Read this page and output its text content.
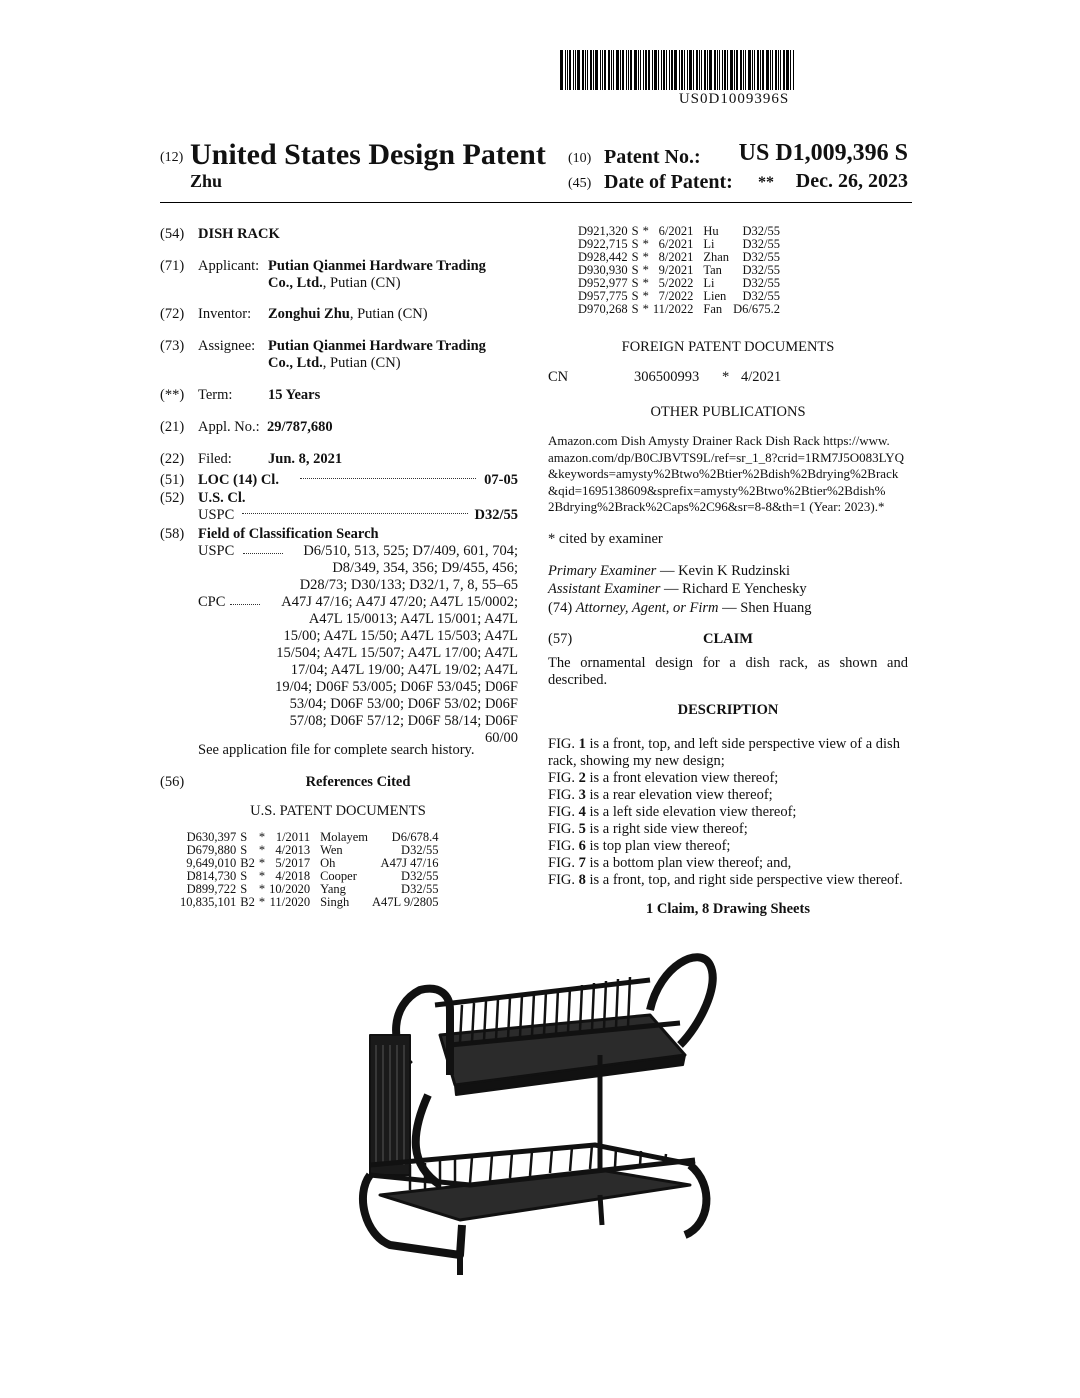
US0D1009396S
(12) United States Design Patent
Zhu
(10) Patent No.:	US D1,009,396 S
(45) Date of Patent: **	Dec. 26, 2023
(54) DISH RACK
(71) Applicant: Putian Qianmei Hardware Trading
Co., Ltd., Putian (CN)
(72) Inventor: Zonghui Zhu, Putian (CN)
(73) Assignee: Putian Qianmei Hardware Trading
Co., Ltd., Putian (CN)
(**) Term: 15 Years
(21) Appl. No.: 29/787,680
(22) Filed: Jun. 8, 2021
(51) LOC (14) Cl.	07-05
(52) U.S. Cl.
USPC	D32/55
(58) Field of Classification Search
USPC	D6/510, 513, 525; D7/409, 601, 704;
D8/349, 354, 356; D9/455, 456;
D28/73; D30/133; D32/1, 7, 8, 55–65
CPC	A47J 47/16; A47J 47/20; A47L 15/0002;
A47L 15/0013; A47L 15/001; A47L
15/00; A47L 15/50; A47L 15/503; A47L
15/504; A47L 15/507; A47L 17/00; A47L
17/04; A47L 19/00; A47L 19/02; A47L
19/04; D06F 53/005; D06F 53/045; D06F
53/04; D06F 53/00; D06F 53/02; D06F
57/08; D06F 57/12; D06F 58/14; D06F
60/00
See application file for complete search history.
(56)	References Cited
U.S. PATENT DOCUMENTS
D630,397	S	*	1/2011	Molayem	D6/678.4
D679,880	S	*	4/2013	Wen	D32/55
9,649,010	B2	*	5/2017	Oh	A47J 47/16
D814,730	S	*	4/2018	Cooper	D32/55
D899,722	S	*	10/2020	Yang	D32/55
10,835,101	B2	*	11/2020	Singh	A47L 9/2805
D921,320	S	*	6/2021	Hu	D32/55
D922,715	S	*	6/2021	Li	D32/55
D928,442	S	*	8/2021	Zhan	D32/55
D930,930	S	*	9/2021	Tan	D32/55
D952,977	S	*	5/2022	Li	D32/55
D957,775	S	*	7/2022	Lien	D32/55
D970,268	S	*	11/2022	Fan	D6/675.2
FOREIGN PATENT DOCUMENTS
CN	306500993 * 4/2021
OTHER PUBLICATIONS
Amazon.com Dish Amysty Drainer Rack Dish Rack https://www.
amazon.com/dp/B0CJBVTS9L/ref=sr_1_8?crid=1RM7J5O083LYQ
&keywords=amysty%2Btwo%2Btier%2Bdish%2Bdrying%2Brack
&qid=1695138609&sprefix=amysty%2Btwo%2Btier%2Bdish%
2Bdrying%2Brack%2Caps%2C96&sr=8-8&th=1 (Year: 2023).*
* cited by examiner
Primary Examiner — Kevin K Rudzinski
Assistant Examiner — Richard E Yenchesky
(74) Attorney, Agent, or Firm — Shen Huang
(57)	CLAIM
The ornamental design for a dish rack, as shown and described.
DESCRIPTION

FIG. 1 is a front, top, and left side perspective view of a dish rack, showing my new design;

FIG. 2 is a front elevation view thereof;

FIG. 3 is a rear elevation view thereof;

FIG. 4 is a left side elevation view thereof;

FIG. 5 is a right side view thereof;

FIG. 6 is top plan view thereof;

FIG. 7 is a bottom plan view thereof; and,

FIG. 8 is a front, top, and right side perspective view thereof.

1 Claim, 8 Drawing Sheets
